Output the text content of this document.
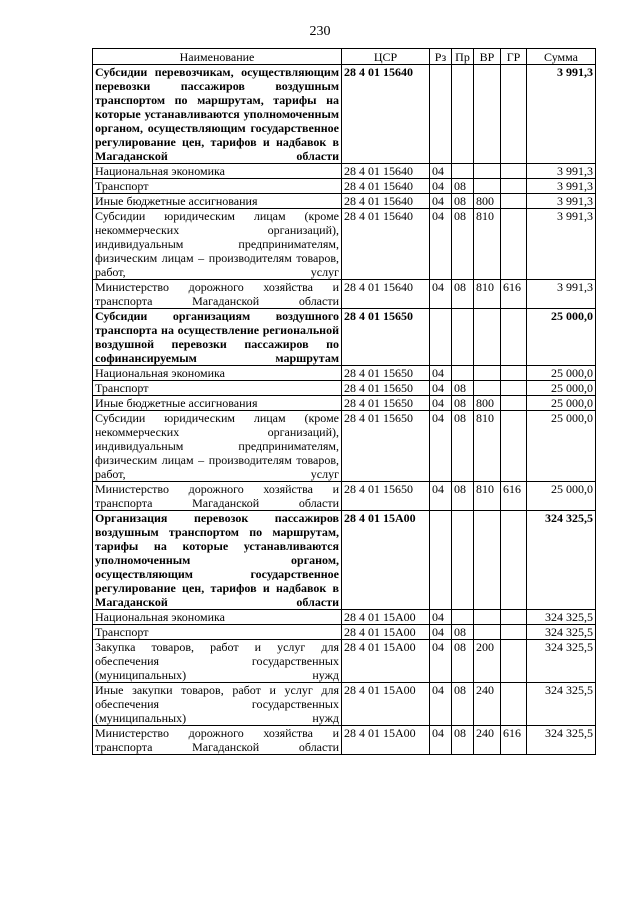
230
Наименование	ЦСР	Рз	Пр	ВР	ГР	Сумма
Субсидии перевозчикам, осуществляющим перевозки пассажиров воздушным транспортом по маршрутам, тарифы на которые устанавливаются уполномоченным органом, осуществляющим государственное регулирование цен, тарифов и надбавок в Магаданской области	28 4 01 15640					3 991,3
Национальная экономика	28 4 01 15640	04				3 991,3
Транспорт	28 4 01 15640	04	08			3 991,3
Иные бюджетные ассигнования	28 4 01 15640	04	08	800		3 991,3
Субсидии юридическим лицам (кроме некоммерческих организаций), индивидуальным предпринимателям, физическим лицам – производителям товаров, работ, услуг	28 4 01 15640	04	08	810		3 991,3
Министерство дорожного хозяйства и транспорта Магаданской области	28 4 01 15640	04	08	810	616	3 991,3
Субсидии организациям воздушного транспорта на осуществление региональной воздушной перевозки пассажиров по софинансируемым маршрутам	28 4 01 15650					25 000,0
Национальная экономика	28 4 01 15650	04				25 000,0
Транспорт	28 4 01 15650	04	08			25 000,0
Иные бюджетные ассигнования	28 4 01 15650	04	08	800		25 000,0
Субсидии юридическим лицам (кроме некоммерческих организаций), индивидуальным предпринимателям, физическим лицам – производителям товаров, работ, услуг	28 4 01 15650	04	08	810		25 000,0
Министерство дорожного хозяйства и транспорта Магаданской области	28 4 01 15650	04	08	810	616	25 000,0
Организация перевозок пассажиров воздушным транспортом по маршрутам, тарифы на которые устанавливаются уполномоченным органом, осуществляющим государственное регулирование цен, тарифов и надбавок в Магаданской области	28 4 01 15А00					324 325,5
Национальная экономика	28 4 01 15А00	04				324 325,5
Транспорт	28 4 01 15А00	04	08			324 325,5
Закупка товаров, работ и услуг для обеспечения государственных (муниципальных) нужд	28 4 01 15А00	04	08	200		324 325,5
Иные закупки товаров, работ и услуг для обеспечения государственных (муниципальных) нужд	28 4 01 15А00	04	08	240		324 325,5
Министерство дорожного хозяйства и транспорта Магаданской области	28 4 01 15А00	04	08	240	616	324 325,5
